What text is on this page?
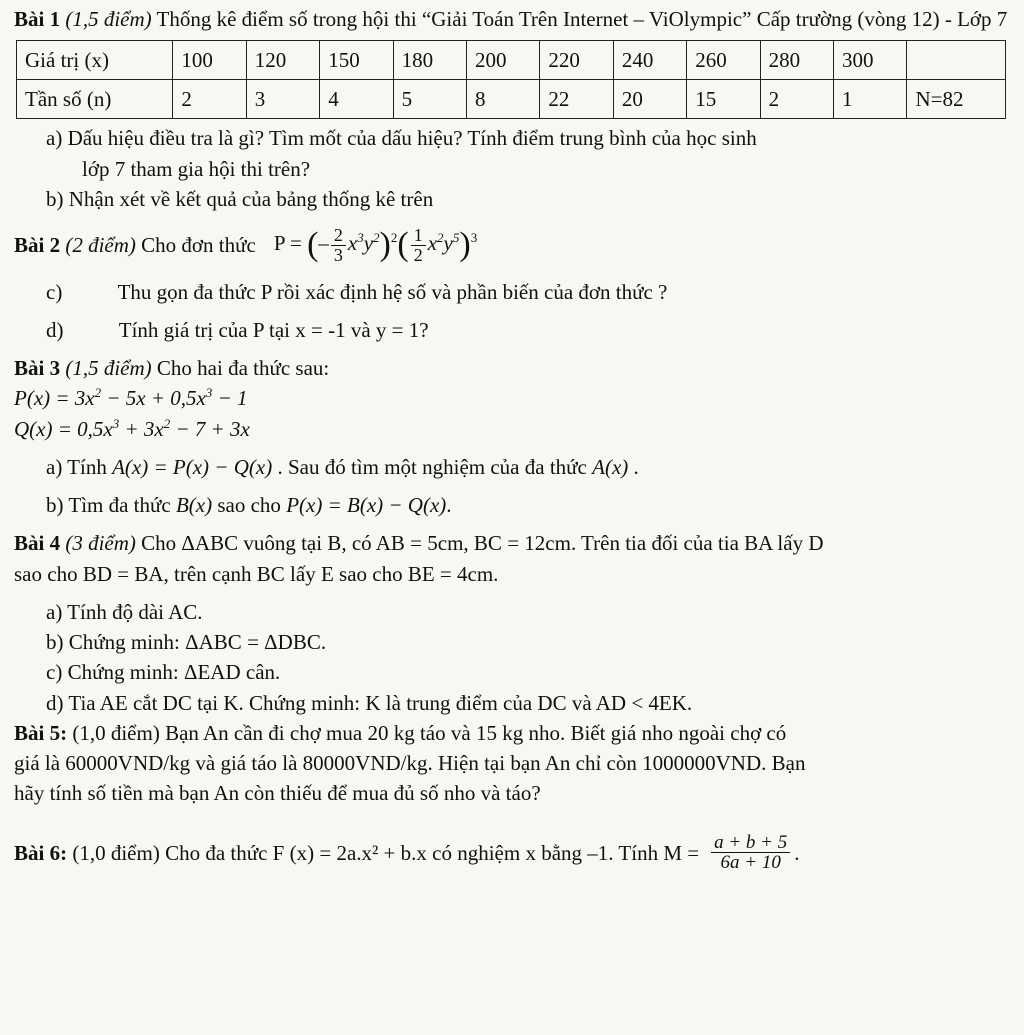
Bài 1 (1,5 điểm) Thống kê điểm số trong hội thi “Giải Toán Trên Internet – ViOlympic” Cấp trường (vòng 12) - Lớp 7

Giá trị (x)	100	120	150	180	200	220	240	260	280	300	
Tần số (n)	2	3	4	5	8	22	20	15	2	1	N=82

a) Dấu hiệu điều tra là gì? Tìm mốt của dấu hiệu? Tính điểm trung bình của học sinh

lớp 7 tham gia hội thi trên?

b) Nhận xét về kết quả của bảng thống kê trên

Bài 2 (2 điểm) Cho đơn thức P = (– $\frac{2}{3} x^3y^2)^2( \frac{1}{2} x^2y^5)^3$

c)	Thu gọn đa thức P rồi xác định hệ số và phần biến của đơn thức ?

d)	Tính giá trị của P tại x = -1 và y = 1?

Bài 3 (1,5 điểm) Cho hai đa thức sau:

$P(x) = 3x^2 - 5x + 0,5x^3 - 1$

$Q(x) = 0,5x^3 + 3x^2 - 7 + 3x$

a) Tính A(x) = P(x) − Q(x) . Sau đó tìm một nghiệm của đa thức A(x) .

b) Tìm đa thức B(x) sao cho P(x) = B(x) − Q(x).

Bài 4 (3 điểm) Cho ΔABC vuông tại B, có AB = 5cm, BC = 12cm. Trên tia đối của tia BA lấy D

sao cho BD = BA, trên cạnh BC lấy E sao cho BE = 4cm.

a) Tính độ dài AC.

b) Chứng minh: ΔABC = ΔDBC.

c) Chứng minh: ΔEAD cân.

d) Tia AE cắt DC tại K. Chứng minh: K là trung điểm của DC và AD < 4EK.

Bài 5: (1,0 điểm) Bạn An cần đi chợ mua 20 kg táo và 15 kg nho. Biết giá nho ngoài chợ có

giá là 60000VND/kg và giá táo là 80000VND/kg. Hiện tại bạn An chỉ còn 1000000VND. Bạn

hãy tính số tiền mà bạn An còn thiếu để mua đủ số nho và táo?

Bài 6: (1,0 điểm) Cho đa thức F (x) = 2a.x² + b.x có nghiệm x bằng –1. Tính $M = \frac{a + b + 5}{6a + 10}$ .
